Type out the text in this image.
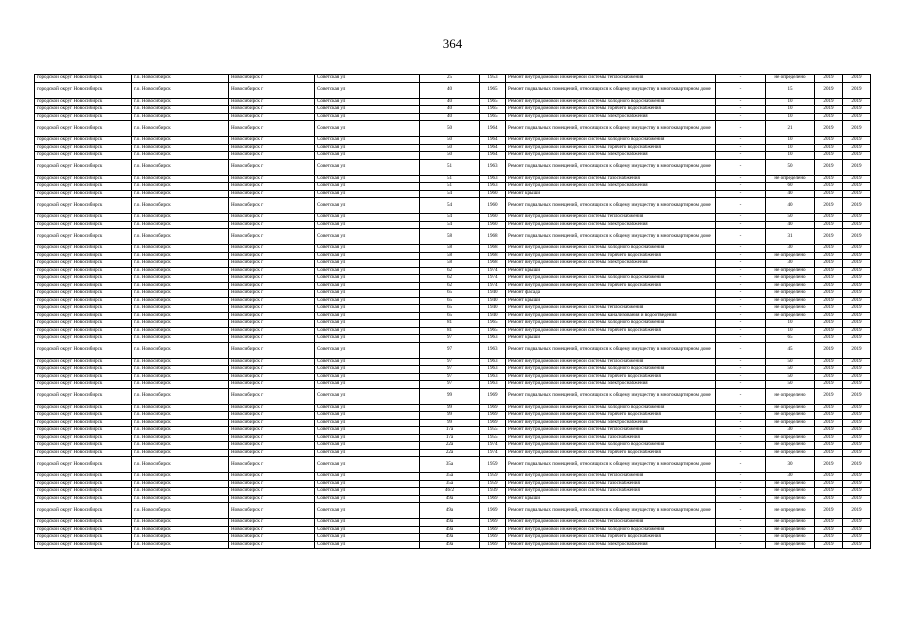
364
городской округ Новосибирск	г.о. Новосибирск	Новосибирск г	Советская ул	25	1953	Ремонт внутридомовой инженерной системы теплоснабжения	-	не определено	2019	2019
городской округ Новосибирск	г.о. Новосибирск	Новосибирск г	Советская ул	40	1965	Ремонт подвальных помещений, относящихся к общему имуществу в многоквартирном доме	-	15	2019	2019
городской округ Новосибирск	г.о. Новосибирск	Новосибирск г	Советская ул	40	1965	Ремонт внутридомовой инженерной системы холодного водоснабжения	-	10	2019	2019
городской округ Новосибирск	г.о. Новосибирск	Новосибирск г	Советская ул	40	1965	Ремонт внутридомовой инженерной системы горячего водоснабжения	-	10	2019	2019
городской округ Новосибирск	г.о. Новосибирск	Новосибирск г	Советская ул	40	1965	Ремонт внутридомовой инженерной системы электроснабжения	-	10	2019	2019
городской округ Новосибирск	г.о. Новосибирск	Новосибирск г	Советская ул	50	1964	Ремонт подвальных помещений, относящихся к общему имуществу в многоквартирном доме	-	21	2019	2019
городской округ Новосибирск	г.о. Новосибирск	Новосибирск г	Советская ул	50	1964	Ремонт внутридомовой инженерной системы холодного водоснабжения	-	10	2019	2019
городской округ Новосибирск	г.о. Новосибирск	Новосибирск г	Советская ул	50	1964	Ремонт внутридомовой инженерной системы горячего водоснабжения	-	10	2019	2019
городской округ Новосибирск	г.о. Новосибирск	Новосибирск г	Советская ул	50	1964	Ремонт внутридомовой инженерной системы электроснабжения	-	10	2019	2019
городской округ Новосибирск	г.о. Новосибирск	Новосибирск г	Советская ул	51	1963	Ремонт подвальных помещений, относящихся к общему имуществу в многоквартирном доме	-	50	2019	2019
городской округ Новосибирск	г.о. Новосибирск	Новосибирск г	Советская ул	51	1963	Ремонт внутридомовой инженерной системы газоснабжения	-	не определено	2019	2019
городской округ Новосибирск	г.о. Новосибирск	Новосибирск г	Советская ул	51	1963	Ремонт внутридомовой инженерной системы электроснабжения	-	60	2019	2019
городской округ Новосибирск	г.о. Новосибирск	Новосибирск г	Советская ул	54	1960	Ремонт крыши	-	40	2019	2019
городской округ Новосибирск	г.о. Новосибирск	Новосибирск г	Советская ул	54	1960	Ремонт подвальных помещений, относящихся к общему имуществу в многоквартирном доме	-	40	2019	2019
городской округ Новосибирск	г.о. Новосибирск	Новосибирск г	Советская ул	54	1960	Ремонт внутридомовой инженерной системы теплоснабжения	-	50	2019	2019
городской округ Новосибирск	г.о. Новосибирск	Новосибирск г	Советская ул	54	1960	Ремонт внутридомовой инженерной системы электроснабжения	-	40	2019	2019
городской округ Новосибирск	г.о. Новосибирск	Новосибирск г	Советская ул	58	1968	Ремонт подвальных помещений, относящихся к общему имуществу в многоквартирном доме	-	31	2019	2019
городской округ Новосибирск	г.о. Новосибирск	Новосибирск г	Советская ул	58	1968	Ремонт внутридомовой инженерной системы холодного водоснабжения	-	30	2019	2019
городской округ Новосибирск	г.о. Новосибирск	Новосибирск г	Советская ул	58	1968	Ремонт внутридомовой инженерной системы горячего водоснабжения	-	не определено	2019	2019
городской округ Новосибирск	г.о. Новосибирск	Новосибирск г	Советская ул	58	1968	Ремонт внутридомовой инженерной системы электроснабжения	-	30	2019	2019
городской округ Новосибирск	г.о. Новосибирск	Новосибирск г	Советская ул	62	1974	Ремонт крыши	-	не определено	2019	2019
городской округ Новосибирск	г.о. Новосибирск	Новосибирск г	Советская ул	62	1974	Ремонт внутридомовой инженерной системы холодного водоснабжения	-	не определено	2019	2019
городской округ Новосибирск	г.о. Новосибирск	Новосибирск г	Советская ул	62	1974	Ремонт внутридомовой инженерной системы горячего водоснабжения	-	не определено	2019	2019
городской округ Новосибирск	г.о. Новосибирск	Новосибирск г	Советская ул	65	1940	Ремонт фасада	-	не определено	2019	2019
городской округ Новосибирск	г.о. Новосибирск	Новосибирск г	Советская ул	65	1940	Ремонт крыши	-	не определено	2019	2019
городской округ Новосибирск	г.о. Новосибирск	Новосибирск г	Советская ул	65	1940	Ремонт внутридомовой инженерной системы теплоснабжения	-	не определено	2019	2019
городской округ Новосибирск	г.о. Новосибирск	Новосибирск г	Советская ул	65	1940	Ремонт внутридомовой инженерной системы канализования и водоотведения	-	не определено	2019	2019
городской округ Новосибирск	г.о. Новосибирск	Новосибирск г	Советская ул	81	1965	Ремонт внутридомовой инженерной системы холодного водоснабжения	-	10	2019	2019
городской округ Новосибирск	г.о. Новосибирск	Новосибирск г	Советская ул	81	1965	Ремонт внутридомовой инженерной системы горячего водоснабжения	-	10	2019	2019
городской округ Новосибирск	г.о. Новосибирск	Новосибирск г	Советская ул	97	1963	Ремонт крыши	-	65	2019	2019
городской округ Новосибирск	г.о. Новосибирск	Новосибирск г	Советская ул	97	1963	Ремонт подвальных помещений, относящихся к общему имуществу в многоквартирном доме	-	45	2019	2019
городской округ Новосибирск	г.о. Новосибирск	Новосибирск г	Советская ул	97	1963	Ремонт внутридомовой инженерной системы теплоснабжения	-	50	2019	2019
городской округ Новосибирск	г.о. Новосибирск	Новосибирск г	Советская ул	97	1963	Ремонт внутридомовой инженерной системы холодного водоснабжения	-	50	2019	2019
городской округ Новосибирск	г.о. Новосибирск	Новосибирск г	Советская ул	97	1963	Ремонт внутридомовой инженерной системы горячего водоснабжения	-	50	2019	2019
городской округ Новосибирск	г.о. Новосибирск	Новосибирск г	Советская ул	97	1963	Ремонт внутридомовой инженерной системы электроснабжения	-	50	2019	2019
городской округ Новосибирск	г.о. Новосибирск	Новосибирск г	Советская ул	99	1969	Ремонт подвальных помещений, относящихся к общему имуществу в многоквартирном доме	-	не определено	2019	2019
городской округ Новосибирск	г.о. Новосибирск	Новосибирск г	Советская ул	99	1969	Ремонт внутридомовой инженерной системы холодного водоснабжения	-	не определено	2019	2019
городской округ Новосибирск	г.о. Новосибирск	Новосибирск г	Советская ул	99	1969	Ремонт внутридомовой инженерной системы горячего водоснабжения	-	не определено	2019	2019
городской округ Новосибирск	г.о. Новосибирск	Новосибирск г	Советская ул	99	1969	Ремонт внутридомовой инженерной системы электроснабжения	-	не определено	2019	2019
городской округ Новосибирск	г.о. Новосибирск	Новосибирск г	Советская ул	17а	1955	Ремонт внутридомовой инженерной системы теплоснабжения	-	30	2019	2019
городской округ Новосибирск	г.о. Новосибирск	Новосибирск г	Советская ул	17а	1955	Ремонт внутридомовой инженерной системы газоснабжения	-	не определено	2019	2019
городской округ Новосибирск	г.о. Новосибирск	Новосибирск г	Советская ул	22а	1974	Ремонт внутридомовой инженерной системы холодного водоснабжения	-	не определено	2019	2019
городской округ Новосибирск	г.о. Новосибирск	Новосибирск г	Советская ул	22а	1974	Ремонт внутридомовой инженерной системы горячего водоснабжения	-	не определено	2019	2019
городской округ Новосибирск	г.о. Новосибирск	Новосибирск г	Советская ул	35а	1959	Ремонт подвальных помещений, относящихся к общему имуществу в многоквартирном доме	-	30	2019	2019
городской округ Новосибирск	г.о. Новосибирск	Новосибирск г	Советская ул	35а	1959	Ремонт внутридомовой инженерной системы теплоснабжения	-	30	2019	2019
городской округ Новосибирск	г.о. Новосибирск	Новосибирск г	Советская ул	35а	1959	Ремонт внутридомовой инженерной системы газоснабжения	-	не определено	2019	2019
городской округ Новосибирск	г.о. Новосибирск	Новосибирск г	Советская ул	46/2	1939	Ремонт внутридомовой инженерной системы газоснабжения	-	не определено	2019	2019
городской округ Новосибирск	г.о. Новосибирск	Новосибирск г	Советская ул	49а	1969	Ремонт крыши	-	не определено	2019	2019
городской округ Новосибирск	г.о. Новосибирск	Новосибирск г	Советская ул	49а	1969	Ремонт подвальных помещений, относящихся к общему имуществу в многоквартирном доме	-	не определено	2019	2019
городской округ Новосибирск	г.о. Новосибирск	Новосибирск г	Советская ул	49а	1969	Ремонт внутридомовой инженерной системы теплоснабжения	-	не определено	2019	2019
городской округ Новосибирск	г.о. Новосибирск	Новосибирск г	Советская ул	49а	1969	Ремонт внутридомовой инженерной системы холодного водоснабжения	-	не определено	2019	2019
городской округ Новосибирск	г.о. Новосибирск	Новосибирск г	Советская ул	49а	1969	Ремонт внутридомовой инженерной системы горячего водоснабжения	-	не определено	2019	2019
городской округ Новосибирск	г.о. Новосибирск	Новосибирск г	Советская ул	49а	1969	Ремонт внутридомовой инженерной системы электроснабжения	-	не определено	2019	2019
